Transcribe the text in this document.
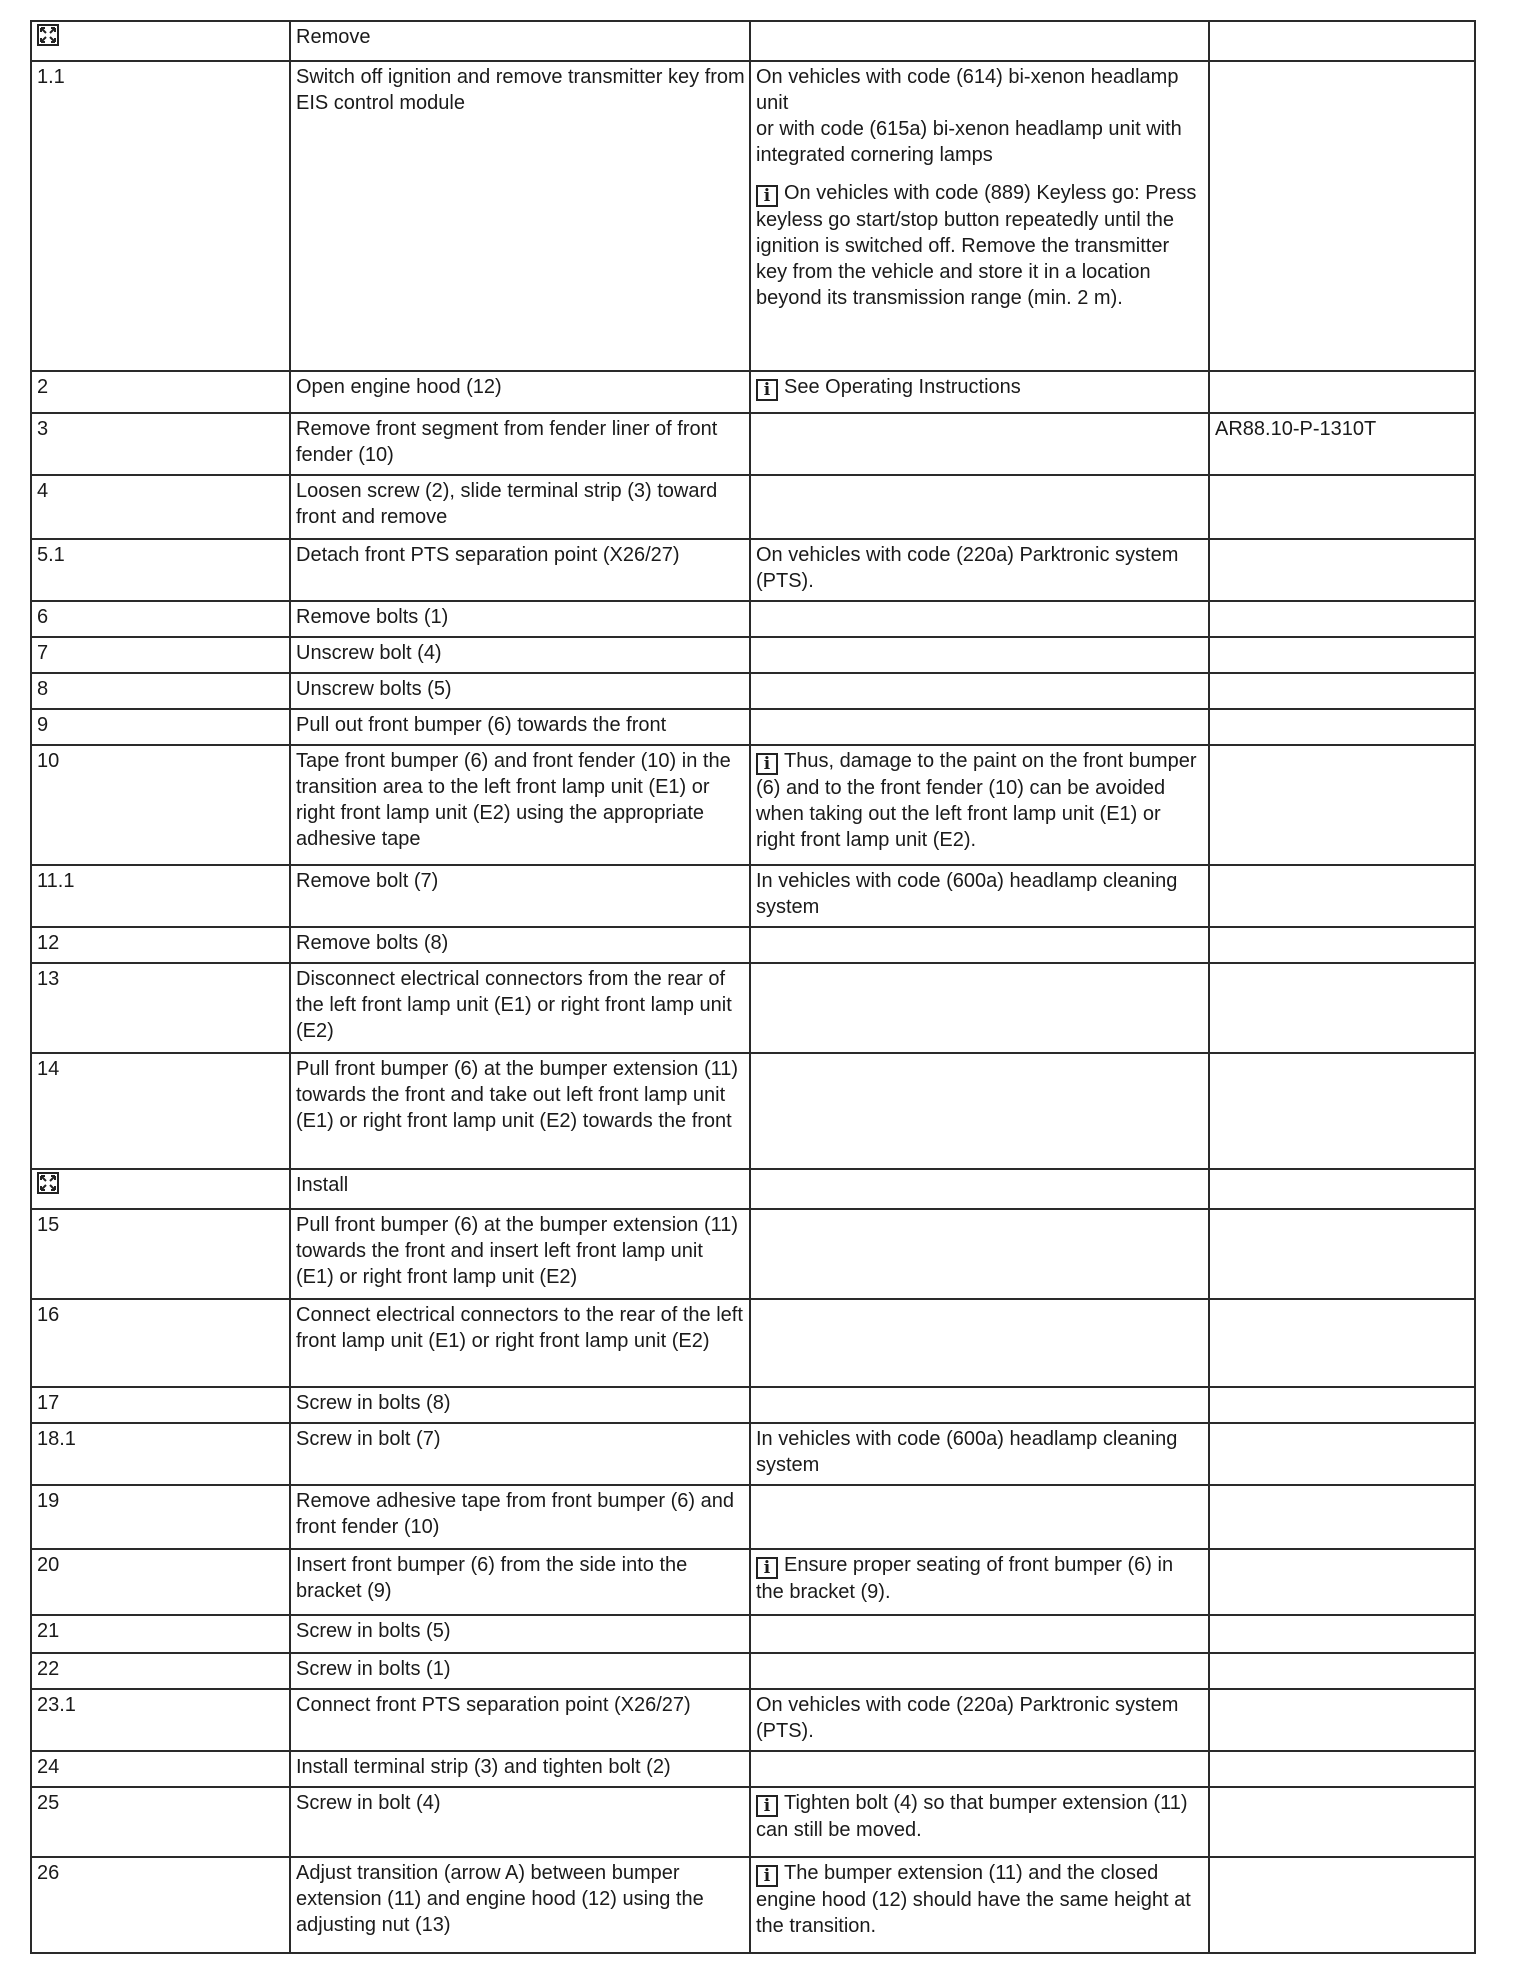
	Remove		
1.1	Switch off ignition and remove transmitter key from EIS control module	On vehicles with code (614) bi-xenon headlamp unit
or with code (615a) bi-xenon headlamp unit with integrated cornering lamps
i On vehicles with code (889) Keyless go: Press keyless go start/stop button repeatedly until the ignition is switched off. Remove the transmitter key from the vehicle and store it in a location beyond its transmission range (min. 2 m).	

2	Open engine hood (12)	i See Operating Instructions	

3	Remove front segment from fender liner of front fender (10)		AR88.10-P-1310T
4	Loosen screw (2), slide terminal strip (3) toward front and remove		
5.1	Detach front PTS separation point (X26/27)	On vehicles with code (220a) Parktronic system (PTS).	

6	Remove bolts (1)		
7	Unscrew bolt (4)		
8	Unscrew bolts (5)		
9	Pull out front bumper (6) towards the front		
10	Tape front bumper (6) and front fender (10) in the transition area to the left front lamp unit (E1) or right front lamp unit (E2) using the appropriate adhesive tape	i Thus, damage to the paint on the front bumper (6) and to the front fender (10) can be avoided when taking out the left front lamp unit (E1) or right front lamp unit (E2).	

11.1	Remove bolt (7)	In vehicles with code (600a) headlamp cleaning system	

12	Remove bolts (8)		
13	Disconnect electrical connectors from the rear of the left front lamp unit (E1) or right front lamp unit (E2)		
14	Pull front bumper (6) at the bumper extension (11) towards the front and take out left front lamp unit (E1) or right front lamp unit (E2) towards the front		
	Install		
15	Pull front bumper (6) at the bumper extension (11) towards the front and insert left front lamp unit (E1) or right front lamp unit (E2)		
16	Connect electrical connectors to the rear of the left front lamp unit (E1) or right front lamp unit (E2)		
17	Screw in bolts (8)		
18.1	Screw in bolt (7)	In vehicles with code (600a) headlamp cleaning system	

19	Remove adhesive tape from front bumper (6) and front fender (10)		
20	Insert front bumper (6) from the side into the bracket (9)	i Ensure proper seating of front bumper (6) in the bracket (9).	

21	Screw in bolts (5)		
22	Screw in bolts (1)		
23.1	Connect front PTS separation point (X26/27)	On vehicles with code (220a) Parktronic system (PTS).	

24	Install terminal strip (3) and tighten bolt (2)		
25	Screw in bolt (4)	i Tighten bolt (4) so that bumper extension (11) can still be moved.	

26	Adjust transition (arrow A) between bumper extension (11) and engine hood (12) using the adjusting nut (13)	i The bumper extension (11) and the closed engine hood (12) should have the same height at the transition.	
